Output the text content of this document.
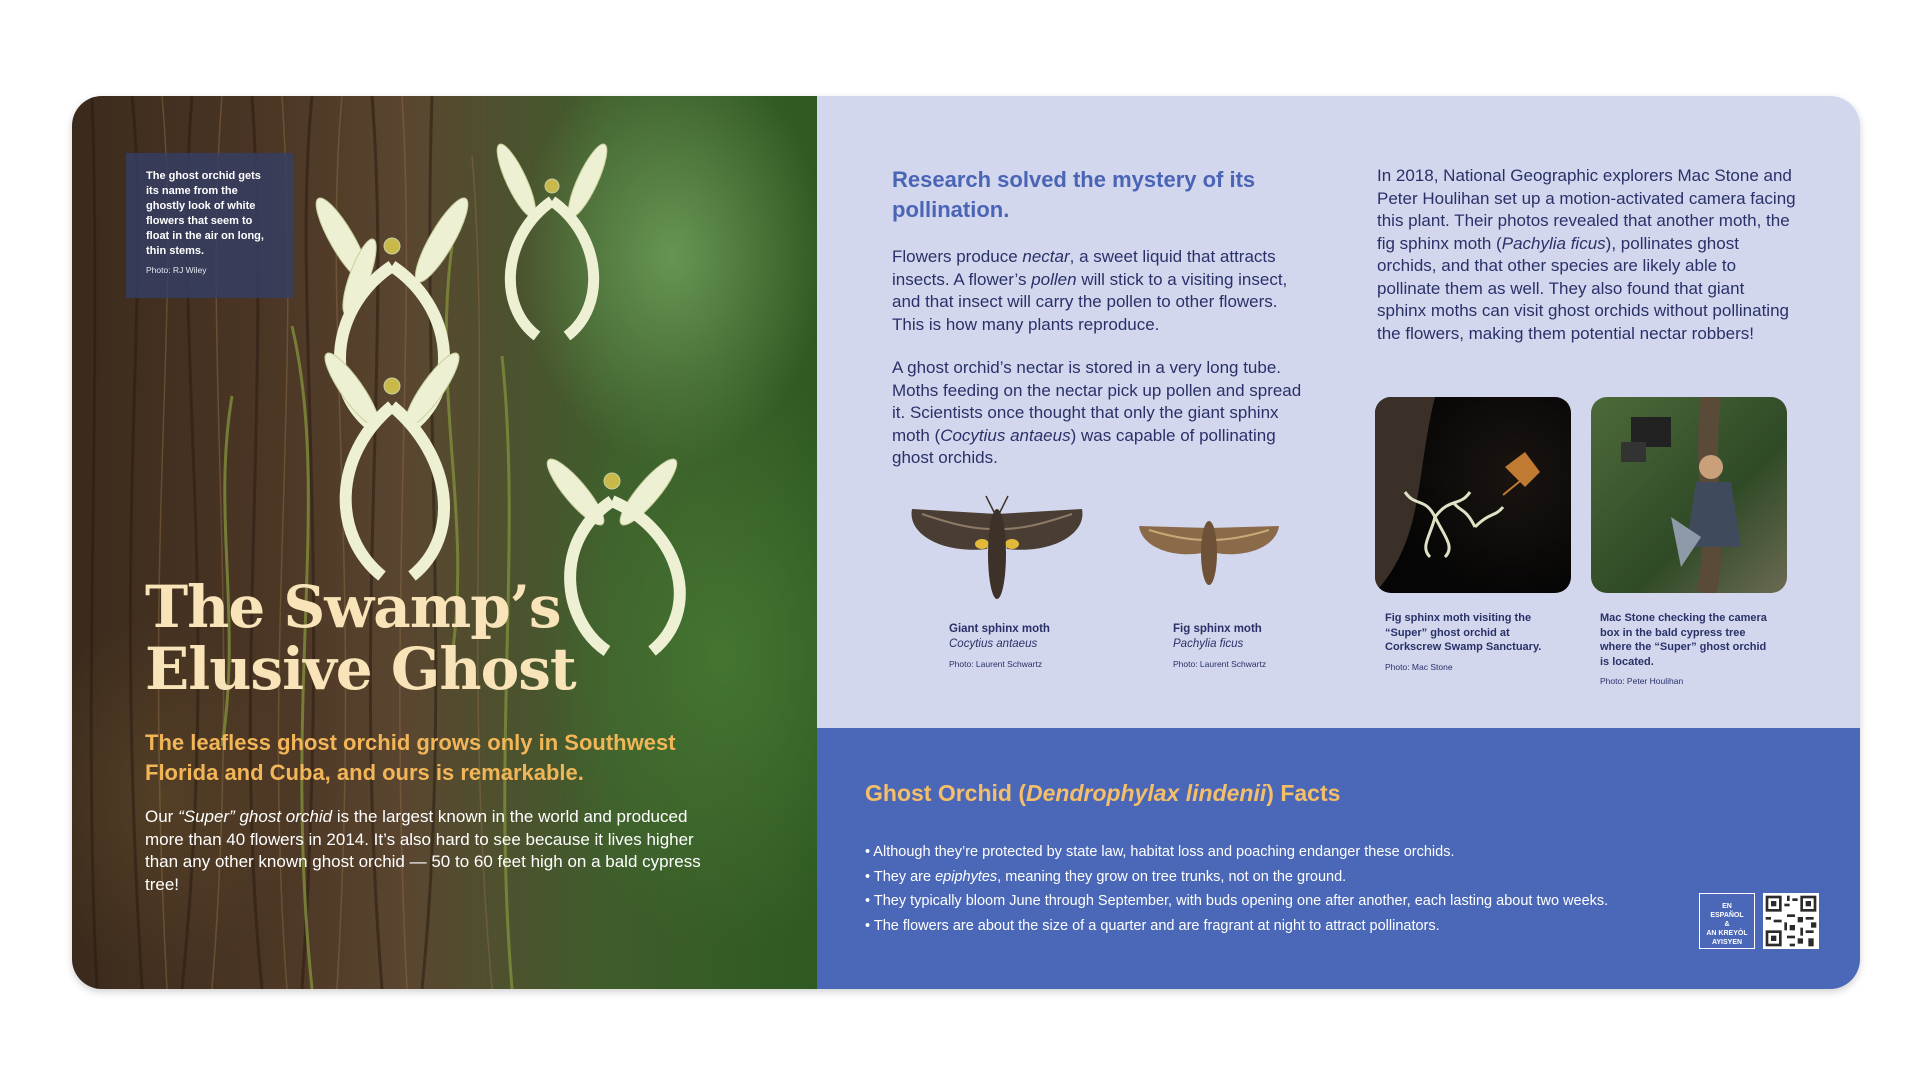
The ghost orchid gets its name from the ghostly look of white flowers that seem to float in the air on long, thin stems.
Photo: RJ Wiley
The Swamp’s
Elusive Ghost
The leafless ghost orchid grows only in Southwest Florida and Cuba, and ours is remarkable.
Our “Super” ghost orchid is the largest known in the world and produced more than 40 flowers in 2014. It’s also hard to see because it lives higher than any other known ghost orchid — 50 to 60 feet high on a bald cypress tree!
Research solved the mystery of its pollination.
Flowers produce nectar, a sweet liquid that attracts insects. A flower’s pollen will stick to a visiting insect, and that insect will carry the pollen to other flowers. This is how many plants reproduce.
A ghost orchid’s nectar is stored in a very long tube. Moths feeding on the nectar pick up pollen and spread it. Scientists once thought that only the giant sphinx moth (Cocytius antaeus) was capable of pollinating ghost orchids.
In 2018, National Geographic explorers Mac Stone and Peter Houlihan set up a motion-activated camera facing this plant. Their photos revealed that another moth, the fig sphinx moth (Pachylia ficus), pollinates ghost orchids, and that other species are likely able to pollinate them as well. They also found that giant sphinx moths can visit ghost orchids without pollinating the flowers, making them potential nectar robbers!
Giant sphinx moth
Cocytius antaeus
Photo: Laurent Schwartz
Fig sphinx moth
Pachylia ficus
Photo: Laurent Schwartz
Fig sphinx moth visiting the “Super” ghost orchid at Corkscrew Swamp Sanctuary.
Photo: Mac Stone
Mac Stone checking the camera box in the bald cypress tree where the “Super” ghost orchid is located.
Photo: Peter Houlihan
Ghost Orchid (Dendrophylax lindenii) Facts
• Although they’re protected by state law, habitat loss and poaching endanger these orchids.
• They are epiphytes, meaning they grow on tree trunks, not on the ground.
• They typically bloom June through September, with buds opening one after another, each lasting about two weeks.
• The flowers are about the size of a quarter and are fragrant at night to attract pollinators.
EN
ESPAÑOL
&
AN KREYÒL
AYISYEN
